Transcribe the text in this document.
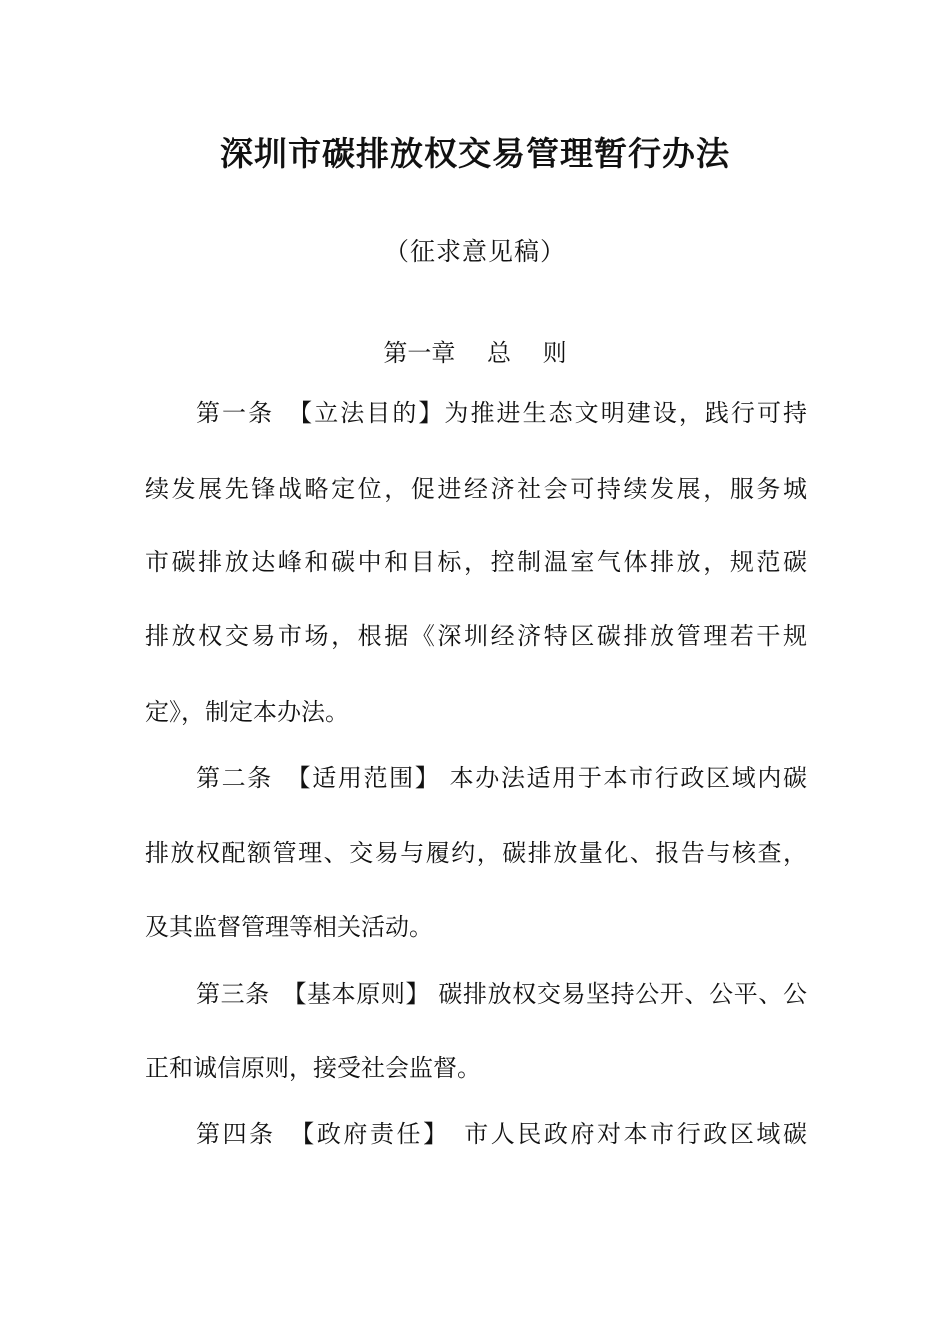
深圳市碳排放权交易管理暂行办法
（征求意见稿）
第一章　 总　 则
第一条　【立法目的】为推进生态文明建设，践行可持
续发展先锋战略定位，促进经济社会可持续发展，服务城
市碳排放达峰和碳中和目标，控制温室气体排放，规范碳
排放权交易市场，根据《深圳经济特区碳排放管理若干规
定》，制定本办法。
第二条　【适用范围】 本办法适用于本市行政区域内碳
排放权配额管理、交易与履约，碳排放量化、报告与核查，
及其监督管理等相关活动。
第三条　【基本原则】 碳排放权交易坚持公开、公平、公
正和诚信原则，接受社会监督。
第四条　【政府责任】　市人民政府对本市行政区域碳
